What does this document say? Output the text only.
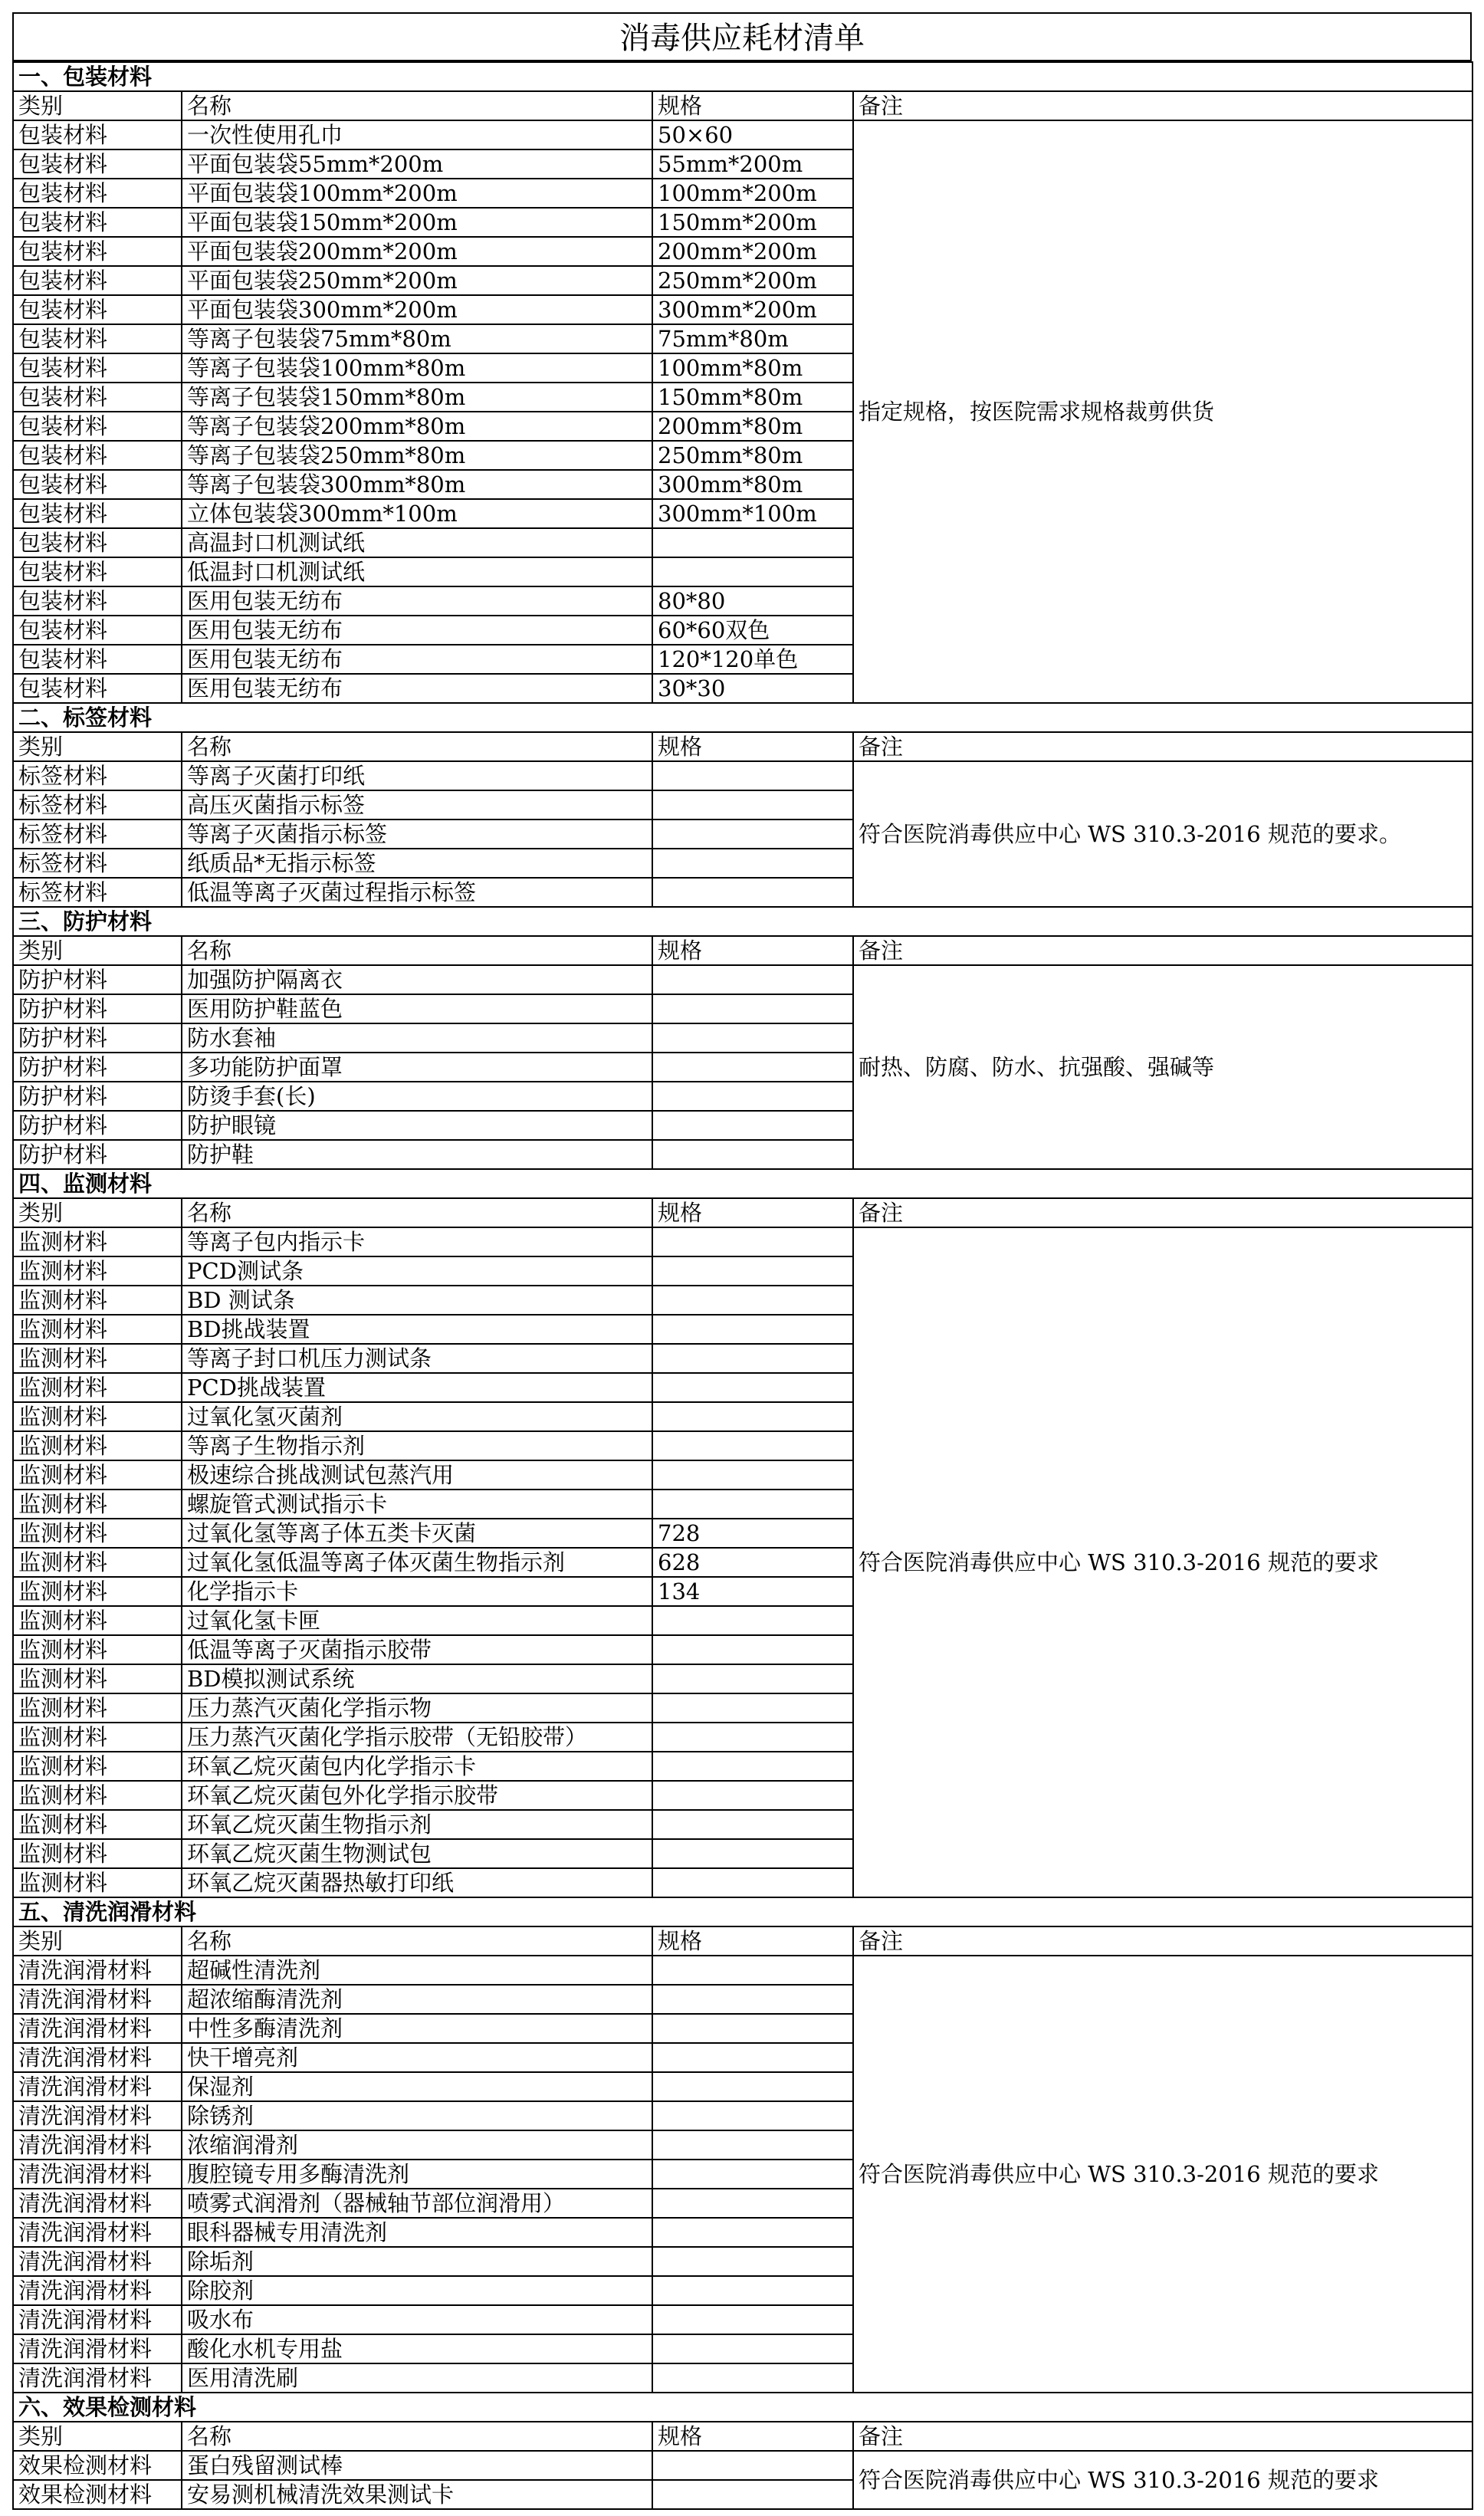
消毒供应耗材清单
一、包装材料			
类别	名称	规格	备注
包装材料	一次性使用孔巾	50×60	指定规格，按医院需求规格裁剪供货
包装材料	平面包装袋55mm*200m	55mm*200m	
包装材料	平面包装袋100mm*200m	100mm*200m	
包装材料	平面包装袋150mm*200m	150mm*200m	
包装材料	平面包装袋200mm*200m	200mm*200m	
包装材料	平面包装袋250mm*200m	250mm*200m	
包装材料	平面包装袋300mm*200m	300mm*200m	
包装材料	等离子包装袋75mm*80m	75mm*80m	
包装材料	等离子包装袋100mm*80m	100mm*80m	
包装材料	等离子包装袋150mm*80m	150mm*80m	
包装材料	等离子包装袋200mm*80m	200mm*80m	
包装材料	等离子包装袋250mm*80m	250mm*80m	
包装材料	等离子包装袋300mm*80m	300mm*80m	
包装材料	立体包装袋300mm*100m	300mm*100m	
包装材料	高温封口机测试纸		
包装材料	低温封口机测试纸		
包装材料	医用包装无纺布	80*80	
包装材料	医用包装无纺布	60*60双色	
包装材料	医用包装无纺布	120*120单色	
包装材料	医用包装无纺布	30*30	
二、标签材料			
类别	名称	规格	备注
标签材料	等离子灭菌打印纸		符合医院消毒供应中心 WS 310.3-2016 规范的要求。
标签材料	高压灭菌指示标签		
标签材料	等离子灭菌指示标签		
标签材料	纸质品*无指示标签		
标签材料	低温等离子灭菌过程指示标签		
三、防护材料			
类别	名称	规格	备注
防护材料	加强防护隔离衣		耐热、防腐、防水、抗强酸、强碱等
防护材料	医用防护鞋蓝色		
防护材料	防水套袖		
防护材料	多功能防护面罩		
防护材料	防烫手套(长)		
防护材料	防护眼镜		
防护材料	防护鞋		
四、监测材料			
类别	名称	规格	备注
监测材料	等离子包内指示卡		符合医院消毒供应中心 WS 310.3-2016 规范的要求
监测材料	PCD测试条		
监测材料	BD 测试条		
监测材料	BD挑战装置		
监测材料	等离子封口机压力测试条		
监测材料	PCD挑战装置		
监测材料	过氧化氢灭菌剂		
监测材料	等离子生物指示剂		
监测材料	极速综合挑战测试包蒸汽用		
监测材料	螺旋管式测试指示卡		
监测材料	过氧化氢等离子体五类卡灭菌	728	
监测材料	过氧化氢低温等离子体灭菌生物指示剂	628	
监测材料	化学指示卡	134	
监测材料	过氧化氢卡匣		
监测材料	低温等离子灭菌指示胶带		
监测材料	BD模拟测试系统		
监测材料	压力蒸汽灭菌化学指示物		
监测材料	压力蒸汽灭菌化学指示胶带（无铅胶带）		
监测材料	环氧乙烷灭菌包内化学指示卡		
监测材料	环氧乙烷灭菌包外化学指示胶带		
监测材料	环氧乙烷灭菌生物指示剂		
监测材料	环氧乙烷灭菌生物测试包		
监测材料	环氧乙烷灭菌器热敏打印纸		
五、清洗润滑材料			
类别	名称	规格	备注
清洗润滑材料	超碱性清洗剂		符合医院消毒供应中心 WS 310.3-2016 规范的要求
清洗润滑材料	超浓缩酶清洗剂		
清洗润滑材料	中性多酶清洗剂		
清洗润滑材料	快干增亮剂		
清洗润滑材料	保湿剂		
清洗润滑材料	除锈剂		
清洗润滑材料	浓缩润滑剂		
清洗润滑材料	腹腔镜专用多酶清洗剂		
清洗润滑材料	喷雾式润滑剂（器械轴节部位润滑用）		
清洗润滑材料	眼科器械专用清洗剂		
清洗润滑材料	除垢剂		
清洗润滑材料	除胶剂		
清洗润滑材料	吸水布		
清洗润滑材料	酸化水机专用盐		
清洗润滑材料	医用清洗刷		
六、效果检测材料			
类别	名称	规格	备注
效果检测材料	蛋白残留测试棒		符合医院消毒供应中心 WS 310.3-2016 规范的要求
效果检测材料	安易测机械清洗效果测试卡		
